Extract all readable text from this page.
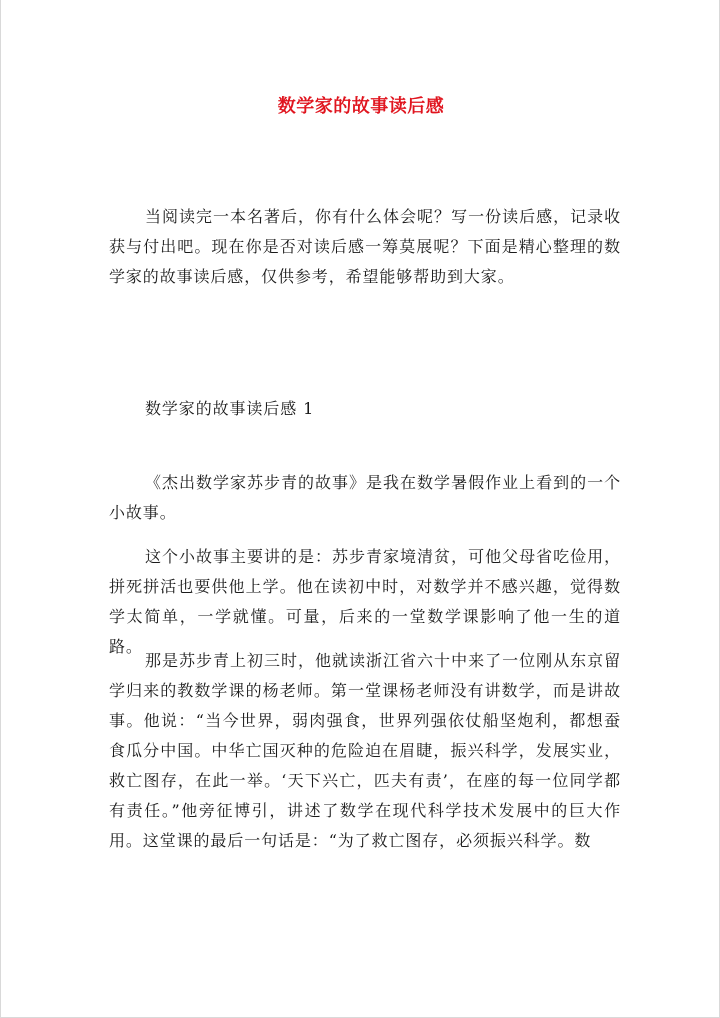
数学家的故事读后感

当阅读完一本名著后，你有什么体会呢？写一份读后感，记录收获与付出吧。现在你是否对读后感一筹莫展呢？下面是精心整理的数学家的故事读后感，仅供参考，希望能够帮助到大家。

数学家的故事读后感 1

《杰出数学家苏步青的故事》是我在数学暑假作业上看到的一个小故事。

这个小故事主要讲的是：苏步青家境清贫，可他父母省吃俭用，拼死拼活也要供他上学。他在读初中时，对数学并不感兴趣，觉得数学太简单，一学就懂。可量，后来的一堂数学课影响了他一生的道路。

那是苏步青上初三时，他就读浙江省六十中来了一位刚从东京留学归来的教数学课的杨老师。第一堂课杨老师没有讲数学，而是讲故事。他说：“当今世界，弱肉强食，世界列强依仗船坚炮利，都想蚕食瓜分中国。中华亡国灭种的危险迫在眉睫，振兴科学，发展实业，救亡图存，在此一举。‘天下兴亡，匹夫有责’，在座的每一位同学都有责任。”他旁征博引，讲述了数学在现代科学技术发展中的巨大作用。这堂课的最后一句话是：“为了救亡图存，必须振兴科学。数
